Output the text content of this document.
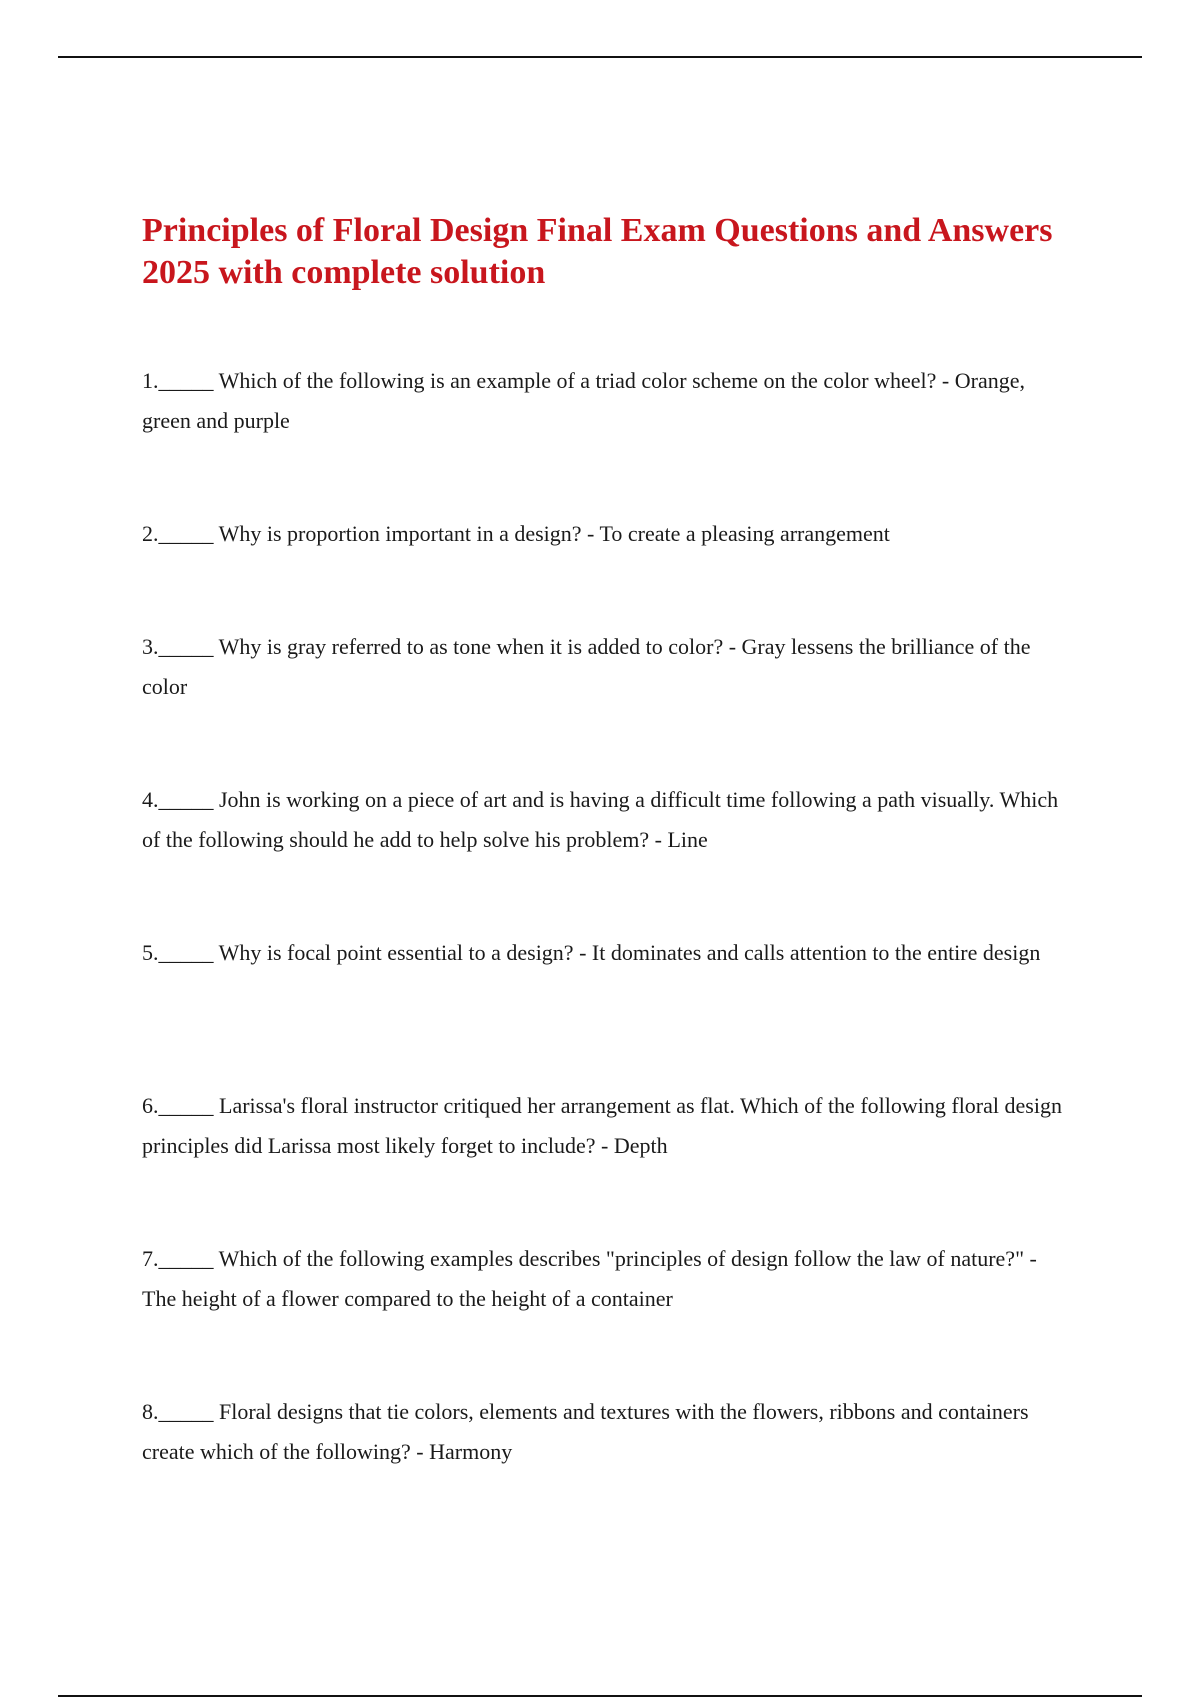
Principles of Floral Design Final Exam Questions and Answers 2025 with complete solution

1._____ Which of the following is an example of a triad color scheme on the color wheel? - Orange, green and purple

2._____ Why is proportion important in a design? - To create a pleasing arrangement

3._____ Why is gray referred to as tone when it is added to color? - Gray lessens the brilliance of the color

4._____ John is working on a piece of art and is having a difficult time following a path visually. Which of the following should he add to help solve his problem? - Line

5._____ Why is focal point essential to a design? - It dominates and calls attention to the entire design

6._____ Larissa's floral instructor critiqued her arrangement as flat. Which of the following floral design principles did Larissa most likely forget to include? - Depth

7._____ Which of the following examples describes "principles of design follow the law of nature?" - The height of a flower compared to the height of a container

8._____ Floral designs that tie colors, elements and textures with the flowers, ribbons and containers create which of the following? - Harmony
